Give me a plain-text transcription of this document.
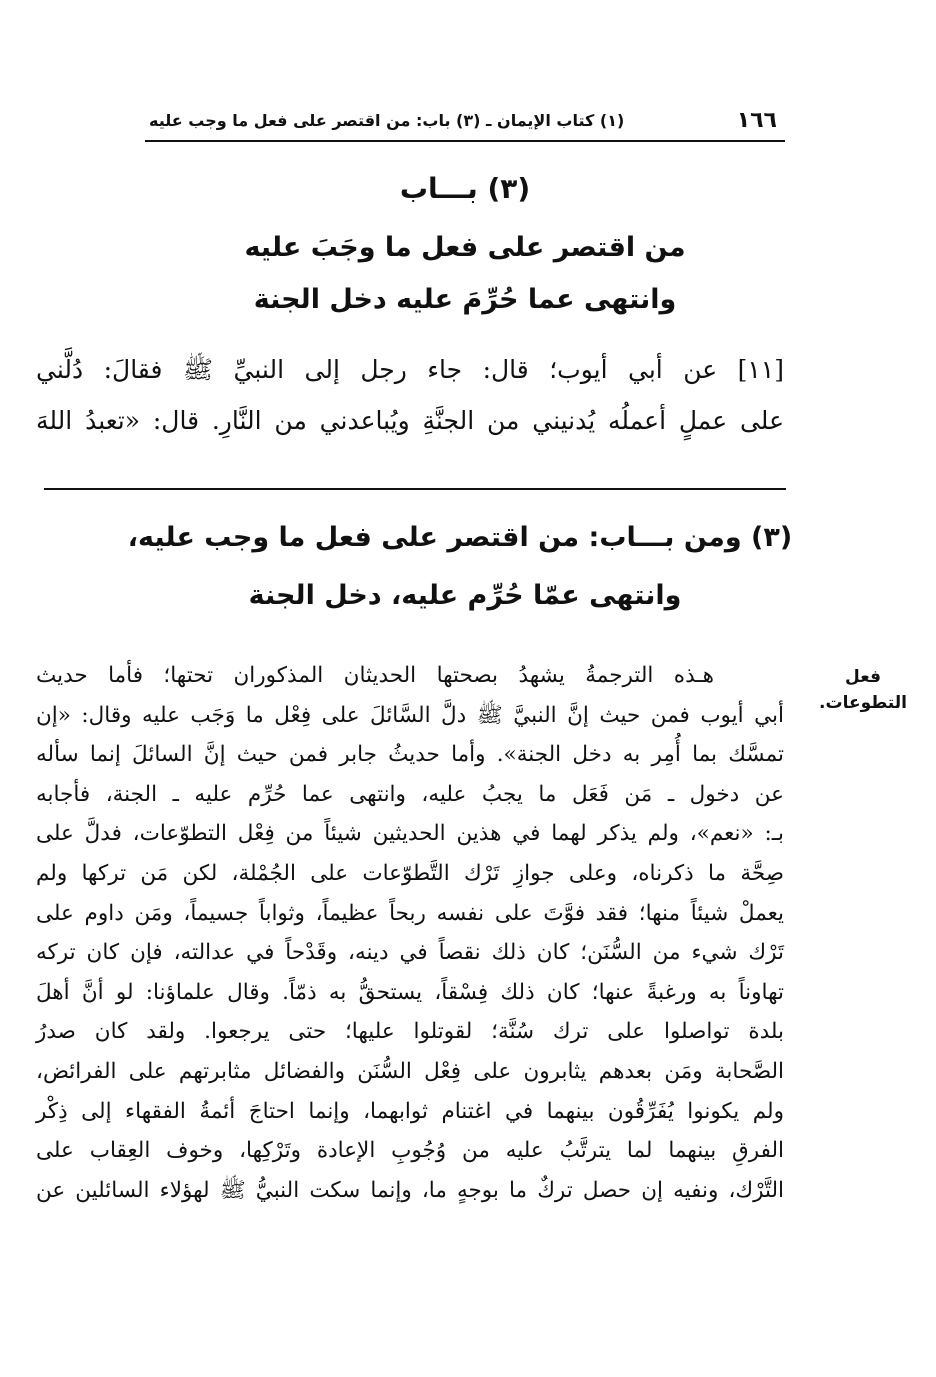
١٦٦
(١) كتاب الإيمان ـ (٣) باب: من اقتصر على فعل ما وجب عليه
(٣) بـــاب
من اقتصر على فعل ما وجَبَ عليه
وانتهى عما حُرِّمَ عليه دخل الجنة
[١١] عن أبي أيوب؛ قال: جاء رجل إلى النبيِّ ﷺ فقالَ: دُلَّني
على عملٍ أعملُه يُدنيني من الجنَّةِ ويُباعدني من النَّارِ. قال: «تعبدُ اللهَ
(٣) ومن بـــاب: من اقتصر على فعل ما وجب عليه،
وانتهى عمّا حُرِّم عليه، دخل الجنة
فعل
التطوعات.
هـذه الترجمةُ يشهدُ بصحتها الحديثان المذكوران تحتها؛ فأما حديث
أبي أيوب فمن حيث إنَّ النبيَّ ﷺ دلَّ السَّائلَ على فِعْل ما وَجَب عليه وقال: «إن
تمسَّك بما أُمِر به دخل الجنة». وأما حديثُ جابر فمن حيث إنَّ السائلَ إنما سأله
عن دخول ـ مَن فَعَل ما يجبُ عليه، وانتهى عما حُرِّم عليه ـ الجنة، فأجابه
بـ: «نعم»، ولم يذكر لهما في هذين الحديثين شيئاً من فِعْل التطوّعات، فدلَّ على
صِحَّة ما ذكرناه، وعلى جوازِ تَرْك التَّطوّعات على الجُمْلة، لكن مَن تركها ولم
يعملْ شيئاً منها؛ فقد فوَّتَ على نفسه ربحاً عظيماً، وثواباً جسيماً، ومَن داوم على
تَرْك شيء من السُّنَن؛ كان ذلك نقصاً في دينه، وقَدْحاً في عدالته، فإن كان تركه
تهاوناً به ورغبةً عنها؛ كان ذلك فِسْقاً، يستحقُّ به ذمّاً. وقال علماؤنا: لو أنَّ أهلَ
بلدة تواصلوا على ترك سُنَّة؛ لقوتلوا عليها؛ حتى يرجعوا. ولقد كان صدرُ
الصَّحابة ومَن بعدهم يثابرون على فِعْل السُّنَن والفضائل مثابرتهم على الفرائض،
ولم يكونوا يُفَرِّقُون بينهما في اغتنام ثوابهما، وإنما احتاجَ أئمةُ الفقهاء إلى ذِكْر
الفرقِ بينهما لما يترتَّبُ عليه من وُجُوبِ الإعادة وتَرْكِها، وخوف العِقاب على
التَّرْك، ونفيه إن حصل تركٌ ما بوجهٍ ما، وإنما سكت النبيُّ ﷺ لهؤلاء السائلين عن
